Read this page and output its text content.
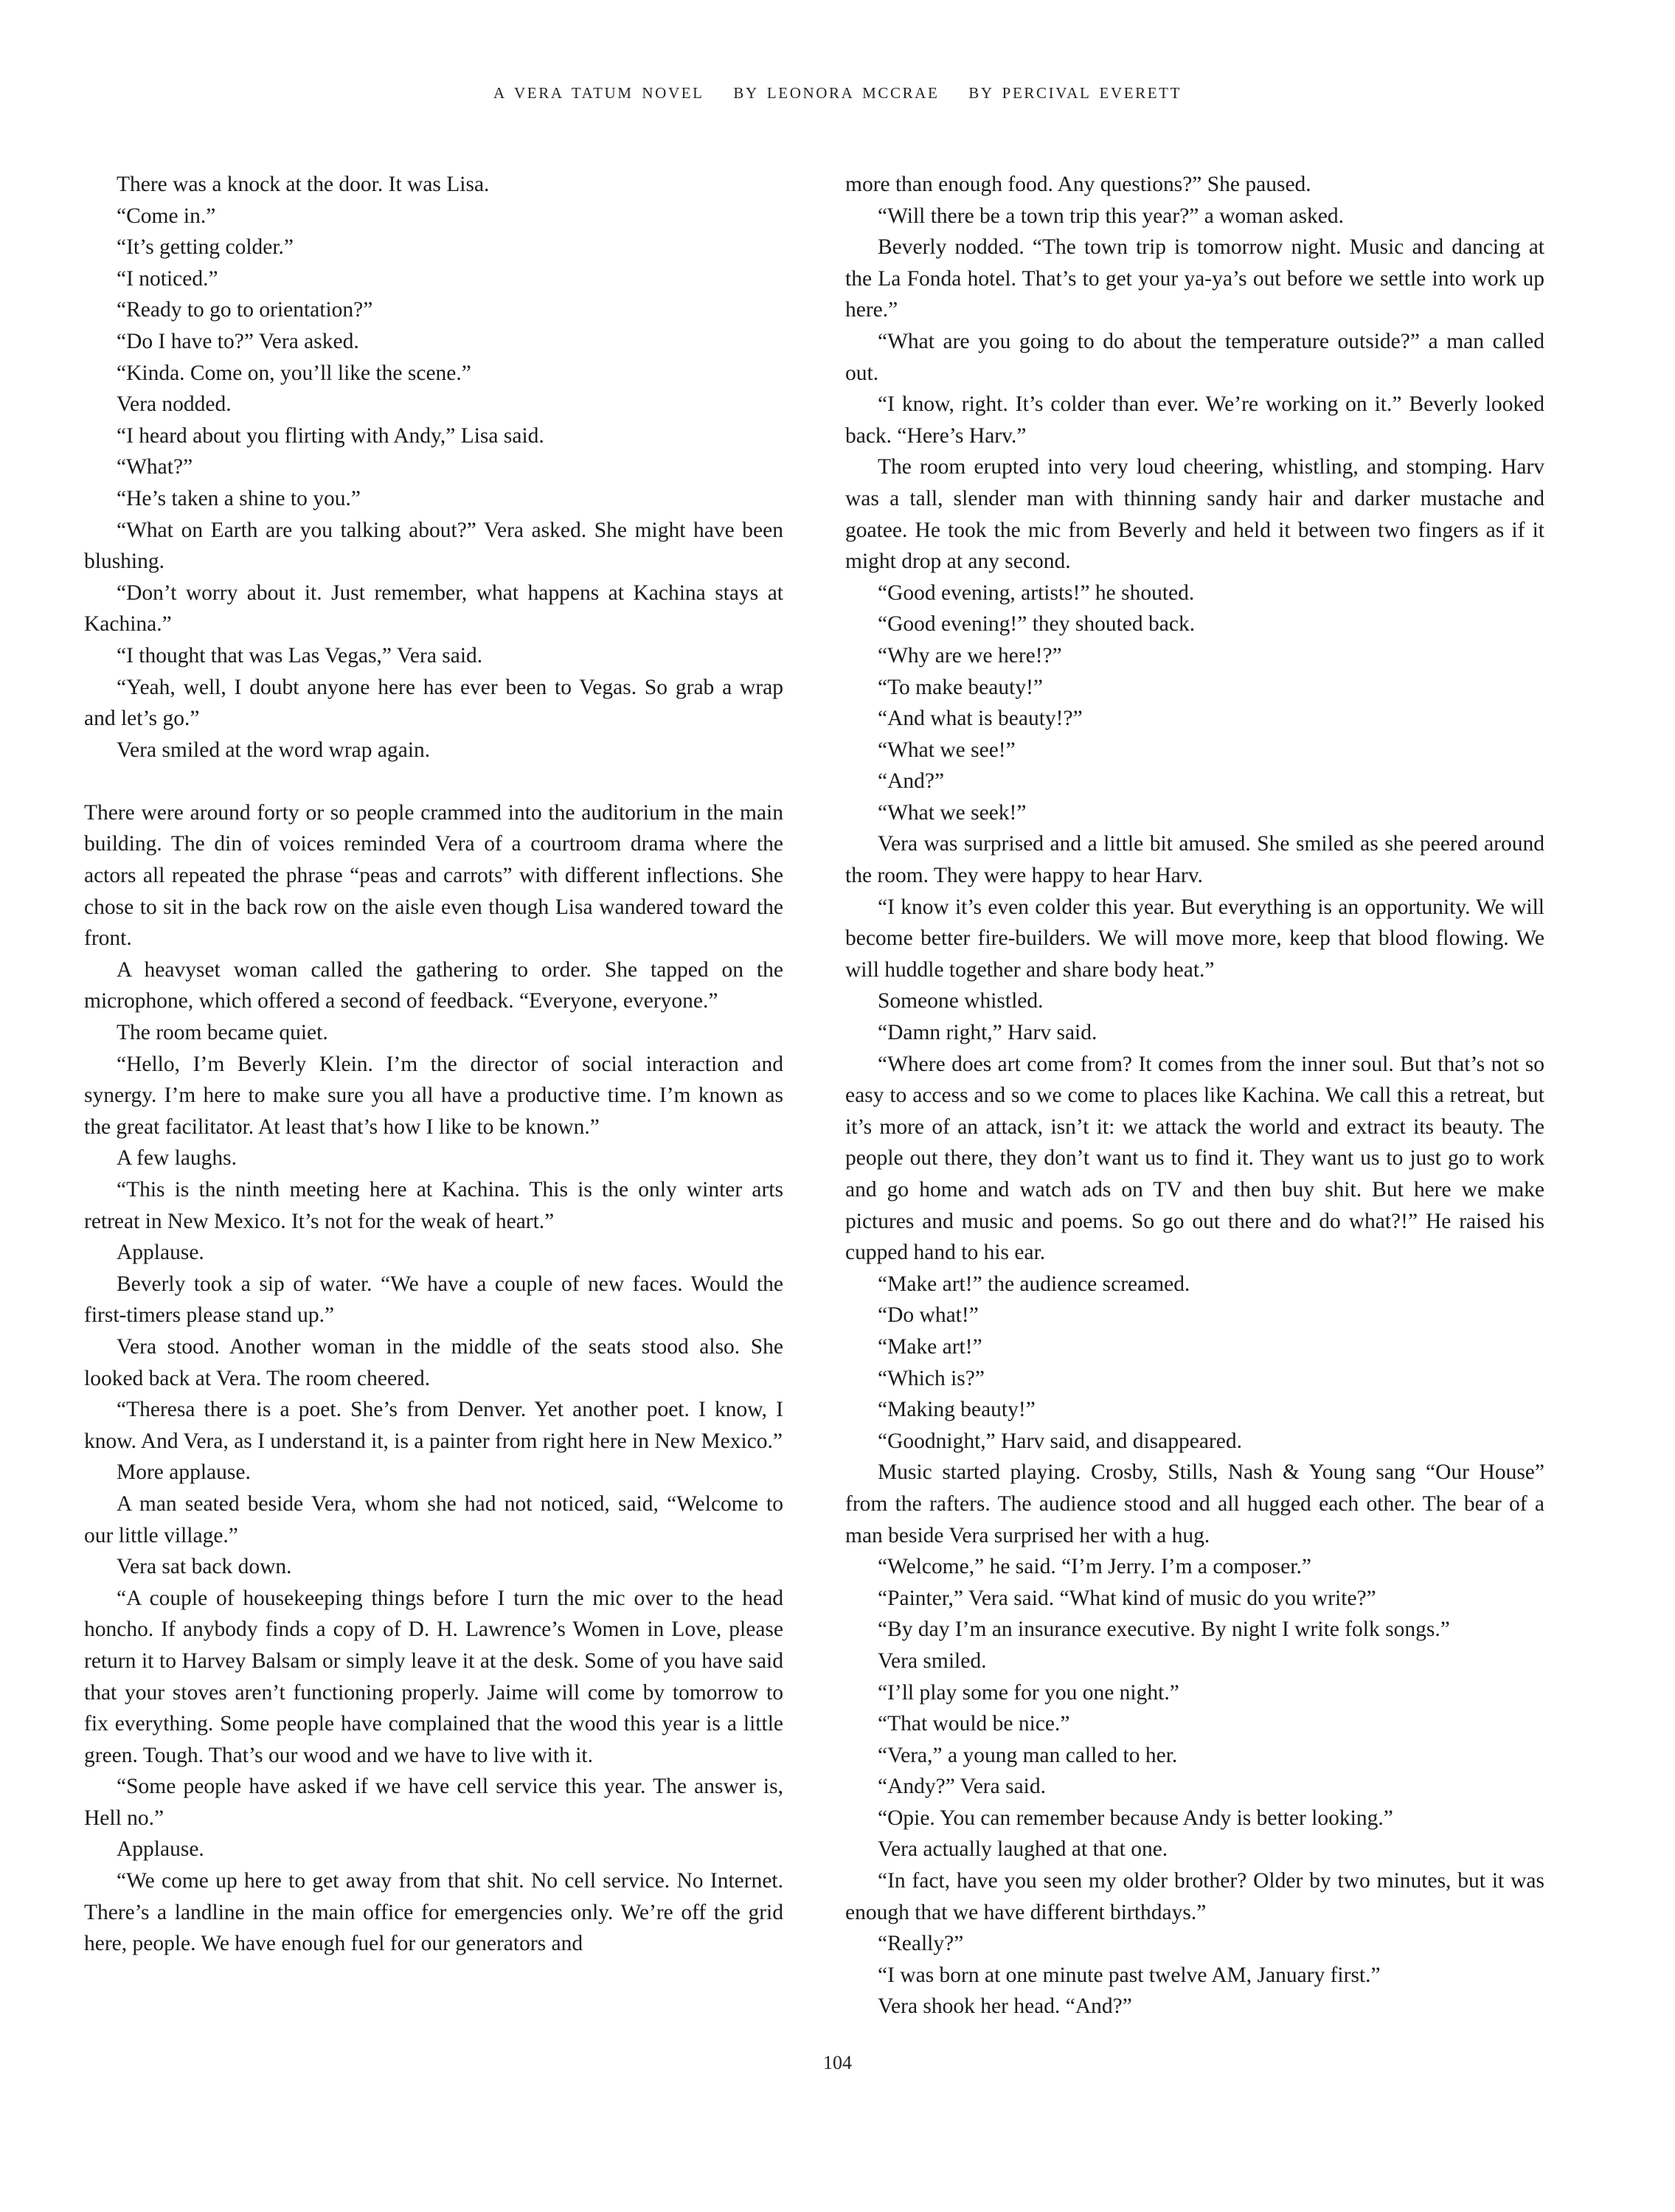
A VERA TATUM NOVEL BY LEONORA MCCRAE BY PERCIVAL EVERETT

There was a knock at the door. It was Lisa.

“Come in.”

“It’s getting colder.”

“I noticed.”

“Ready to go to orientation?”

“Do I have to?” Vera asked.

“Kinda. Come on, you’ll like the scene.”

Vera nodded.

“I heard about you flirting with Andy,” Lisa said.

“What?”

“He’s taken a shine to you.”

“What on Earth are you talking about?” Vera asked. She might have been blushing.

“Don’t worry about it. Just remember, what happens at Kachina stays at Kachina.”

“I thought that was Las Vegas,” Vera said.

“Yeah, well, I doubt anyone here has ever been to Vegas. So grab a wrap and let’s go.”

Vera smiled at the word wrap again.

There were around forty or so people crammed into the auditorium in the main building. The din of voices reminded Vera of a courtroom drama where the actors all repeated the phrase “peas and carrots” with different inflections. She chose to sit in the back row on the aisle even though Lisa wandered toward the front.

A heavyset woman called the gathering to order. She tapped on the microphone, which offered a second of feedback. “Everyone, everyone.”

The room became quiet.

“Hello, I’m Beverly Klein. I’m the director of social interaction and synergy. I’m here to make sure you all have a productive time. I’m known as the great facilitator. At least that’s how I like to be known.”

A few laughs.

“This is the ninth meeting here at Kachina. This is the only winter arts retreat in New Mexico. It’s not for the weak of heart.”

Applause.

Beverly took a sip of water. “We have a couple of new faces. Would the first-timers please stand up.”

Vera stood. Another woman in the middle of the seats stood also. She looked back at Vera. The room cheered.

“Theresa there is a poet. She’s from Denver. Yet another poet. I know, I know. And Vera, as I understand it, is a painter from right here in New Mexico.”

More applause.

A man seated beside Vera, whom she had not noticed, said, “Welcome to our little village.”

Vera sat back down.

“A couple of housekeeping things before I turn the mic over to the head honcho. If anybody finds a copy of D. H. Lawrence’s Women in Love, please return it to Harvey Balsam or simply leave it at the desk. Some of you have said that your stoves aren’t functioning properly. Jaime will come by tomorrow to fix everything. Some people have complained that the wood this year is a little green. Tough. That’s our wood and we have to live with it.

“Some people have asked if we have cell service this year. The answer is, Hell no.”

Applause.

“We come up here to get away from that shit. No cell service. No Internet. There’s a landline in the main office for emergencies only. We’re off the grid here, people. We have enough fuel for our generators and

more than enough food. Any questions?” She paused.

“Will there be a town trip this year?” a woman asked.

Beverly nodded. “The town trip is tomorrow night. Music and dancing at the La Fonda hotel. That’s to get your ya-ya’s out before we settle into work up here.”

“What are you going to do about the temperature outside?” a man called out.

“I know, right. It’s colder than ever. We’re working on it.” Beverly looked back. “Here’s Harv.”

The room erupted into very loud cheering, whistling, and stomping. Harv was a tall, slender man with thinning sandy hair and darker mustache and goatee. He took the mic from Beverly and held it between two fingers as if it might drop at any second.

“Good evening, artists!” he shouted.

“Good evening!” they shouted back.

“Why are we here!?”

“To make beauty!”

“And what is beauty!?”

“What we see!”

“And?”

“What we seek!”

Vera was surprised and a little bit amused. She smiled as she peered around the room. They were happy to hear Harv.

“I know it’s even colder this year. But everything is an opportunity. We will become better fire-builders. We will move more, keep that blood flowing. We will huddle together and share body heat.”

Someone whistled.

“Damn right,” Harv said.

“Where does art come from? It comes from the inner soul. But that’s not so easy to access and so we come to places like Kachina. We call this a retreat, but it’s more of an attack, isn’t it: we attack the world and extract its beauty. The people out there, they don’t want us to find it. They want us to just go to work and go home and watch ads on TV and then buy shit. But here we make pictures and music and poems. So go out there and do what?!” He raised his cupped hand to his ear.

“Make art!” the audience screamed.

“Do what!”

“Make art!”

“Which is?”

“Making beauty!”

“Goodnight,” Harv said, and disappeared.

Music started playing. Crosby, Stills, Nash & Young sang “Our House” from the rafters. The audience stood and all hugged each other. The bear of a man beside Vera surprised her with a hug.

“Welcome,” he said. “I’m Jerry. I’m a composer.”

“Painter,” Vera said. “What kind of music do you write?”

“By day I’m an insurance executive. By night I write folk songs.”

Vera smiled.

“I’ll play some for you one night.”

“That would be nice.”

“Vera,” a young man called to her.

“Andy?” Vera said.

“Opie. You can remember because Andy is better looking.”

Vera actually laughed at that one.

“In fact, have you seen my older brother? Older by two minutes, but it was enough that we have different birthdays.”

“Really?”

“I was born at one minute past twelve AM, January first.”

Vera shook her head. “And?”

104
